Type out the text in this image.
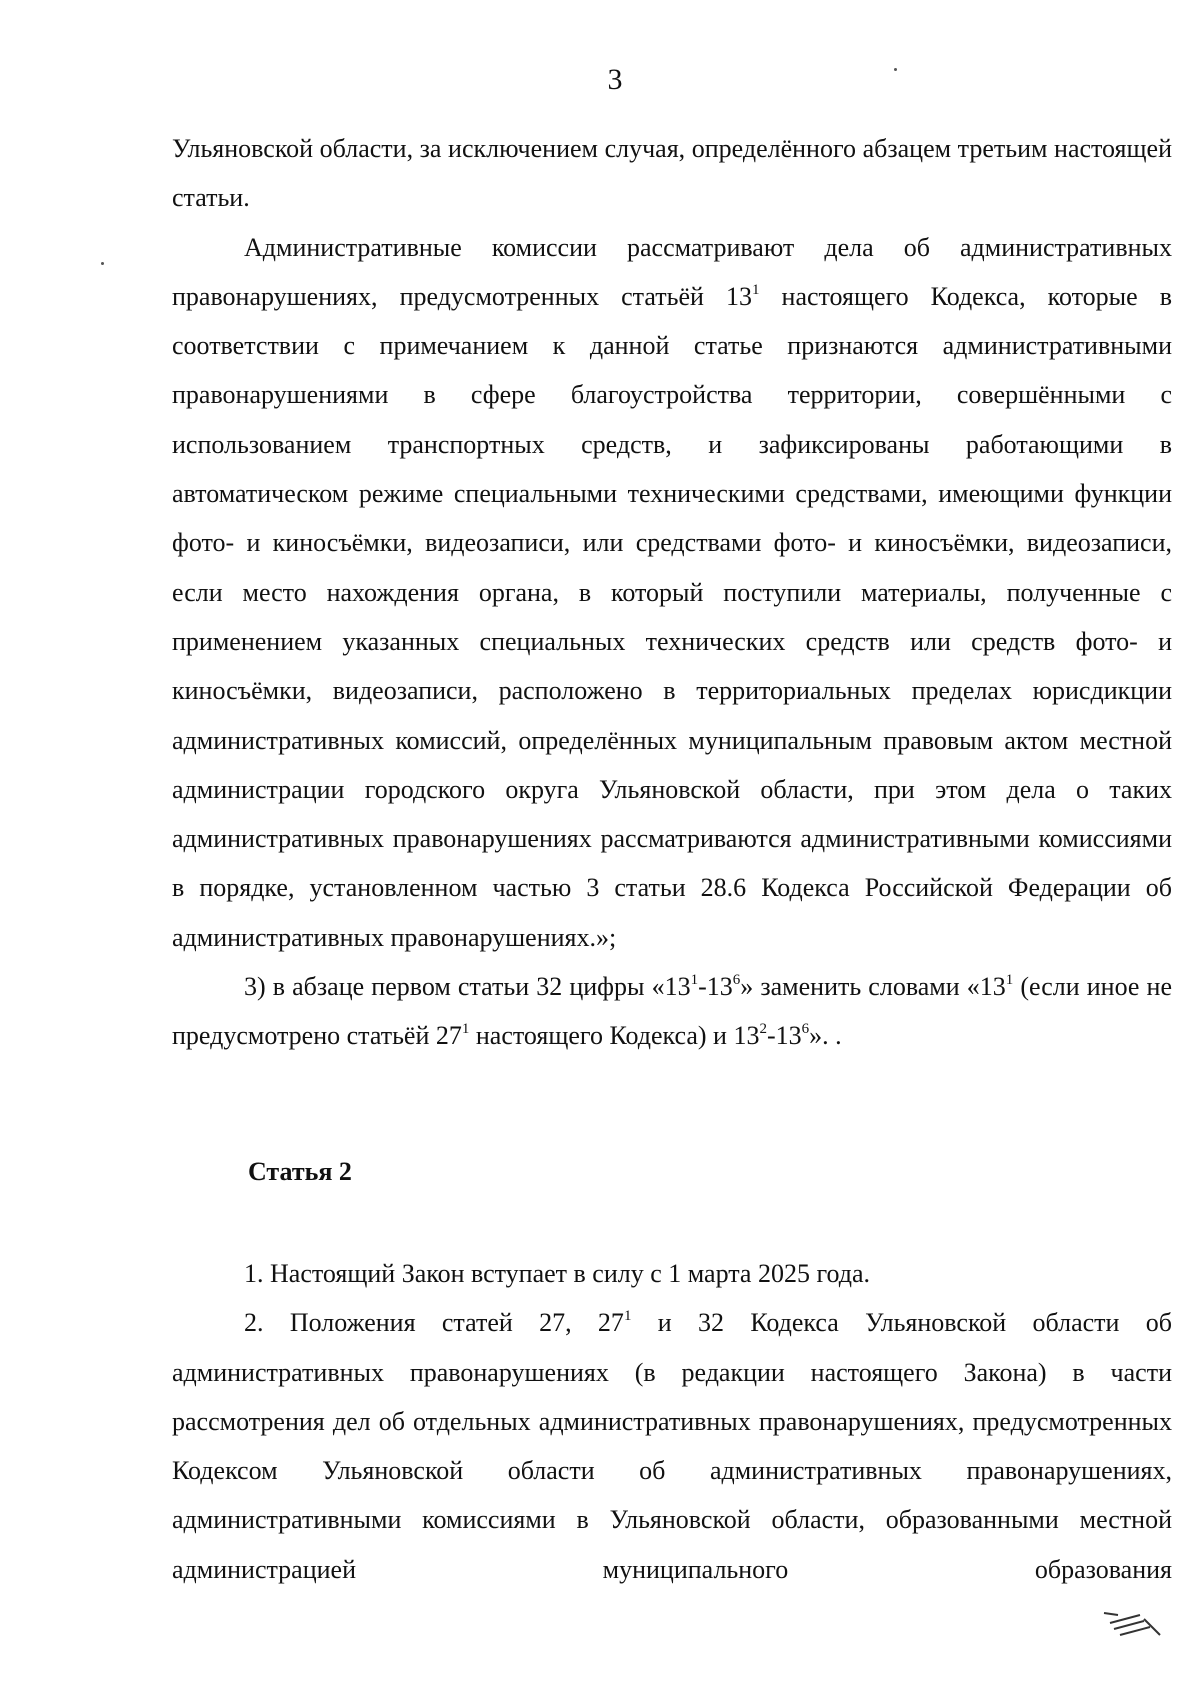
3

Ульяновской области, за исключением случая, определённого абзацем третьим настоящей статьи.

Административные комиссии рассматривают дела об административных правонарушениях, предусмотренных статьёй $13^1$ настоящего Кодекса, которые в соответствии с примечанием к данной статье признаются административными правонарушениями в сфере благоустройства территории, совершёнными с использованием транспортных средств, и зафиксированы работающими в автоматическом режиме специальными техническими средствами, имеющими функции фото- и киносъёмки, видеозаписи, или средствами фото- и киносъёмки, видеозаписи, если место нахождения органа, в который поступили материалы, полученные с применением указанных специальных технических средств или средств фото- и киносъёмки, видеозаписи, расположено в территориальных пределах юрисдикции административных комиссий, определённых муниципальным правовым актом местной администрации городского округа Ульяновской области, при этом дела о таких административных правонарушениях рассматриваются административными комиссиями в порядке, установленном частью 3 статьи 28.6 Кодекса Российской Федерации об административных правонарушениях.»;

3) в абзаце первом статьи 32 цифры «$13^1-13^6$» заменить словами «$13^1$ (если иное не предусмотрено статьёй $27^1$ настоящего Кодекса) и $13^2-13^6$». .

Статья 2

1. Настоящий Закон вступает в силу с 1 марта 2025 года.

2. Положения статей 27, $27^1$ и 32 Кодекса Ульяновской области об административных правонарушениях (в редакции настоящего Закона) в части рассмотрения дел об отдельных административных правонарушениях, предусмотренных Кодексом Ульяновской области об административных правонарушениях, административными комиссиями в Ульяновской области, образованными местной администрацией муниципального образования
